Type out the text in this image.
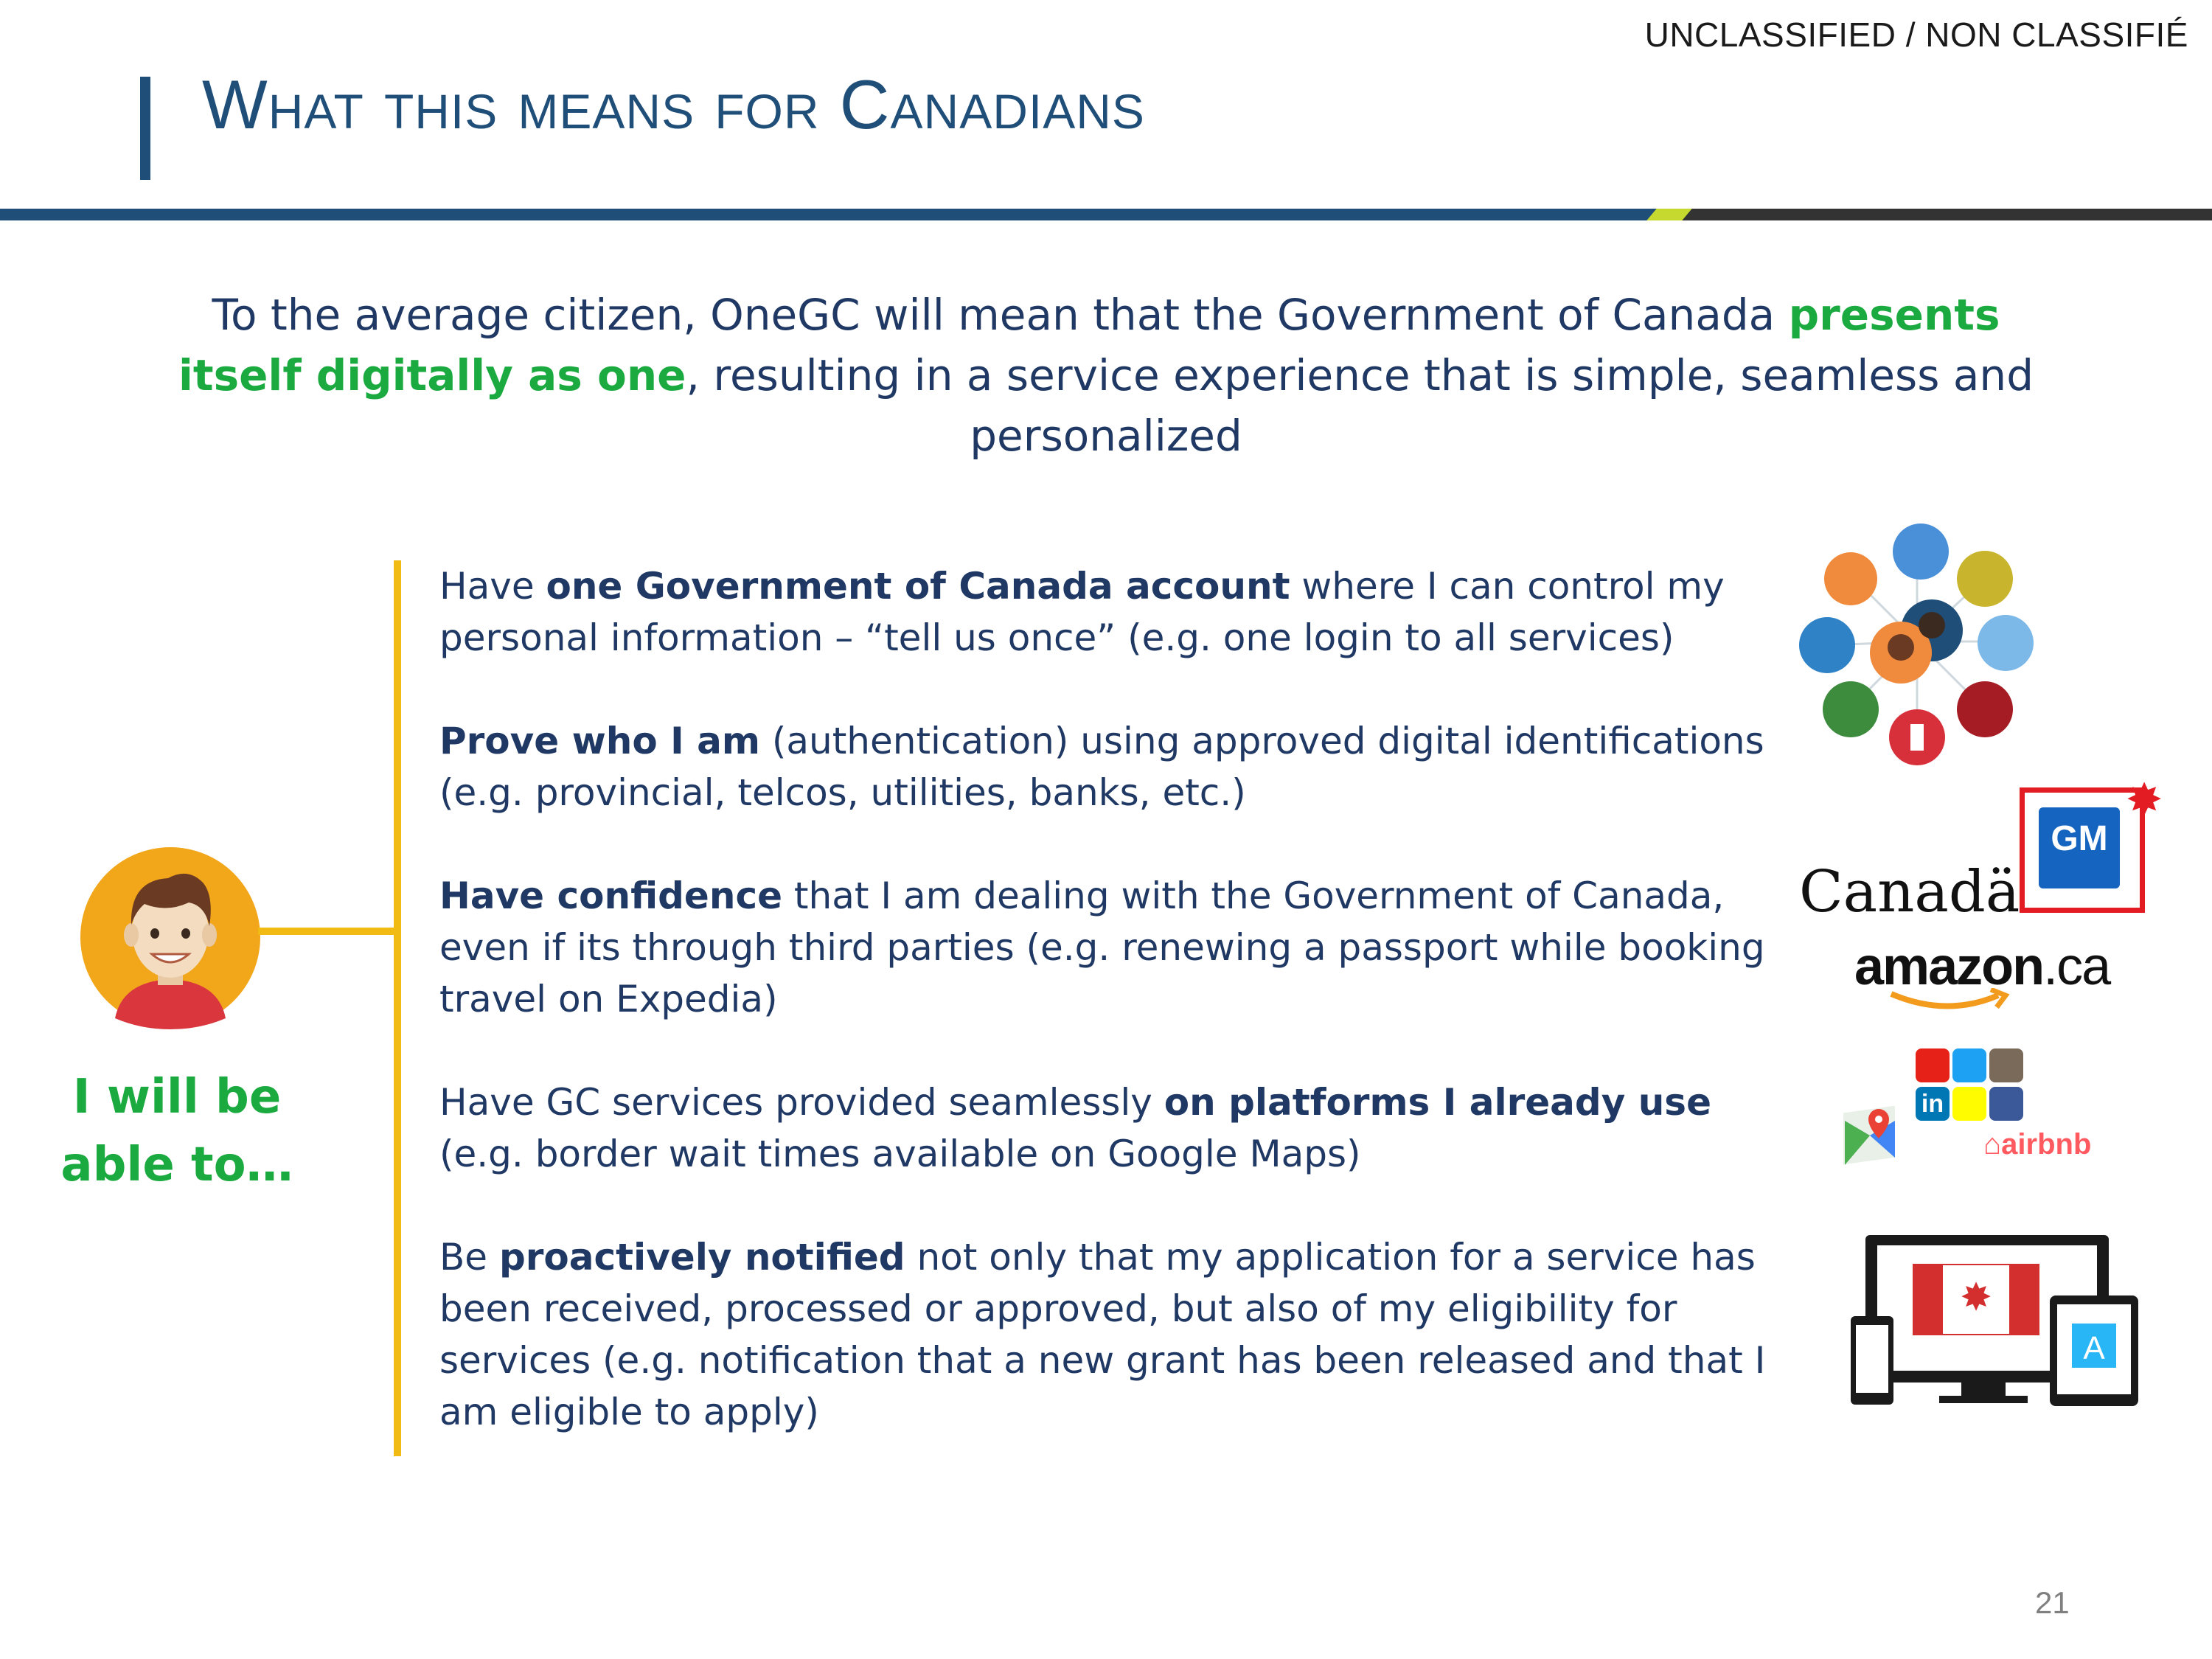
UNCLASSIFIED / NON CLASSIFIÉ
What this means for Canadians
To the average citizen, OneGC will mean that the Government of Canada presents itself digitally as one, resulting in a service experience that is simple, seamless and personalized
I will be able to…
Have one Government of Canada account where I can control my personal information – “tell us once” (e.g. one login to all services)
Prove who I am (authentication) using approved digital identifications (e.g. provincial, telcos, utilities, banks, etc.)
Have confidence that I am dealing with the Government of Canada, even if its through third parties (e.g. renewing a passport while booking travel on Expedia)
Have GC services provided seamlessly on platforms I already use (e.g. border wait times available on Google Maps)
Be proactively notified not only that my application for a service has been received, processed or approved, but also of my eligibility for services (e.g. notification that a new grant has been released and that I am eligible to apply)
GM
✸
Canadä
amazon.ca
in
⌂airbnb
✸
A
21
